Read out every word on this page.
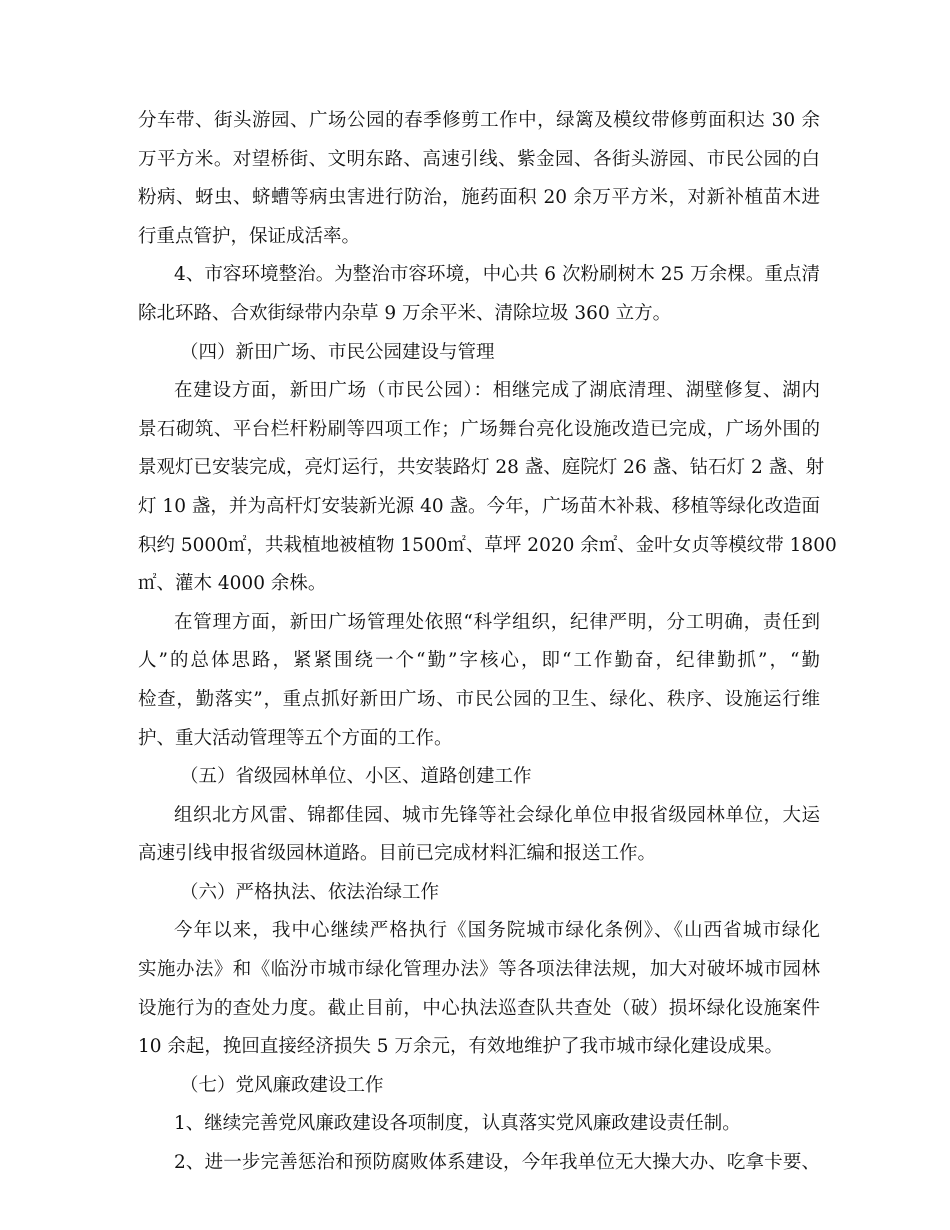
分车带、街头游园、广场公园的春季修剪工作中，绿篱及模纹带修剪面积达 30 余
万平方米。对望桥街、文明东路、高速引线、紫金园、各街头游园、市民公园的白
粉病、蚜虫、蛴螬等病虫害进行防治，施药面积 20 余万平方米，对新补植苗木进
行重点管护，保证成活率。
4、市容环境整治。为整治市容环境，中心共 6 次粉刷树木 25 万余棵。重点清
除北环路、合欢街绿带内杂草 9 万余平米、清除垃圾 360 立方。
（四）新田广场、市民公园建设与管理
在建设方面，新田广场（市民公园）：相继完成了湖底清理、湖壁修复、湖内
景石砌筑、平台栏杆粉刷等四项工作；广场舞台亮化设施改造已完成，广场外围的
景观灯已安装完成，亮灯运行，共安装路灯 28 盏、庭院灯 26 盏、钻石灯 2 盏、射
灯 10 盏，并为高杆灯安装新光源 40 盏。今年，广场苗木补栽、移植等绿化改造面
积约 5000㎡，共栽植地被植物 1500㎡、草坪 2020 余㎡、金叶女贞等模纹带 1800
㎡、灌木 4000 余株。
在管理方面，新田广场管理处依照“科学组织，纪律严明，分工明确，责任到
人”的总体思路，紧紧围绕一个“勤”字核心，即“工作勤奋，纪律勤抓”，“勤
检查，勤落实”，重点抓好新田广场、市民公园的卫生、绿化、秩序、设施运行维
护、重大活动管理等五个方面的工作。
（五）省级园林单位、小区、道路创建工作
组织北方风雷、锦都佳园、城市先锋等社会绿化单位申报省级园林单位，大运
高速引线申报省级园林道路。目前已完成材料汇编和报送工作。
（六）严格执法、依法治绿工作
今年以来，我中心继续严格执行《国务院城市绿化条例》、《山西省城市绿化
实施办法》和《临汾市城市绿化管理办法》等各项法律法规，加大对破坏城市园林
设施行为的查处力度。截止目前，中心执法巡查队共查处（破）损坏绿化设施案件
10 余起，挽回直接经济损失 5 万余元，有效地维护了我市城市绿化建设成果。
（七）党风廉政建设工作
1、继续完善党风廉政建设各项制度，认真落实党风廉政建设责任制。
2、进一步完善惩治和预防腐败体系建设，今年我单位无大操大办、吃拿卡要、
